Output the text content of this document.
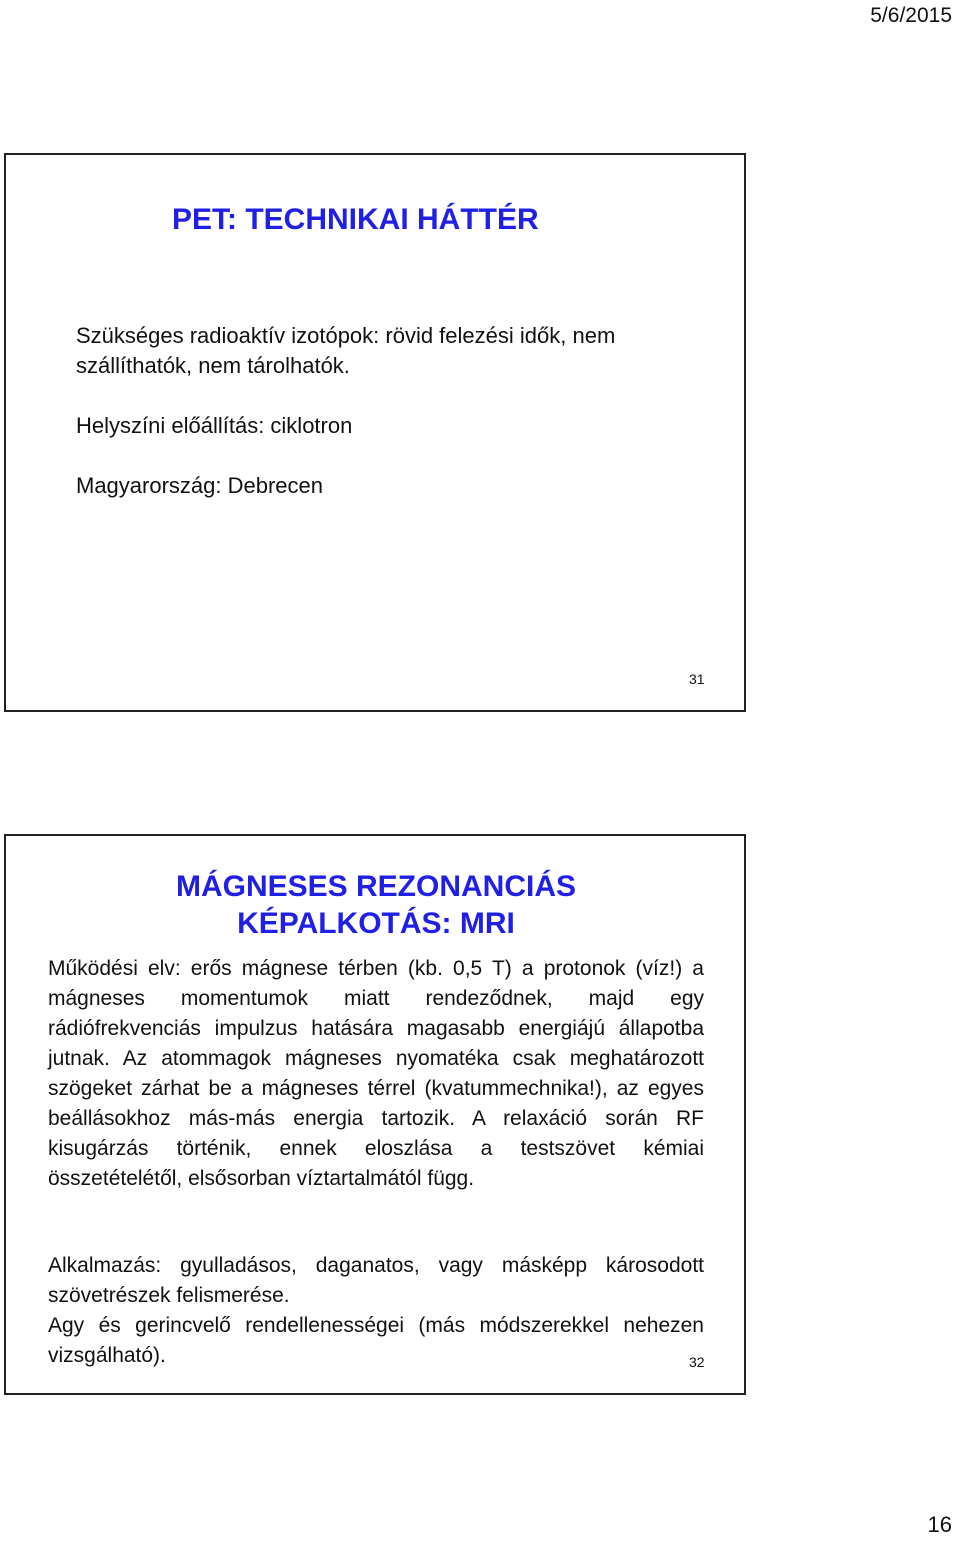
5/6/2015
PET: TECHNIKAI HÁTTÉR
Szükséges radioaktív izotópok: rövid felezési idők, nem szállíthatók, nem tárolhatók.
Helyszíni előállítás: ciklotron
Magyarország: Debrecen
31
MÁGNESES REZONANCIÁS
KÉPALKOTÁS: MRI
Működési elv: erős mágnese térben (kb. 0,5 T) a protonok (víz!) a mágneses momentumok miatt rendeződnek, majd egy rádiófrekvenciás impulzus hatására magasabb energiájú állapotba jutnak. Az atommagok mágneses nyomatéka csak meghatározott szögeket zárhat be a mágneses térrel (kvatummechnika!), az egyes beállásokhoz más-más energia tartozik. A relaxáció során RF kisugárzás történik, ennek eloszlása a testszövet kémiai összetételétől, elsősorban víztartalmától függ.
Alkalmazás: gyulladásos, daganatos, vagy másképp károsodott szövetrészek felismerése.
Agy és gerincvelő rendellenességei (más módszerekkel nehezen vizsgálható).	32
16
